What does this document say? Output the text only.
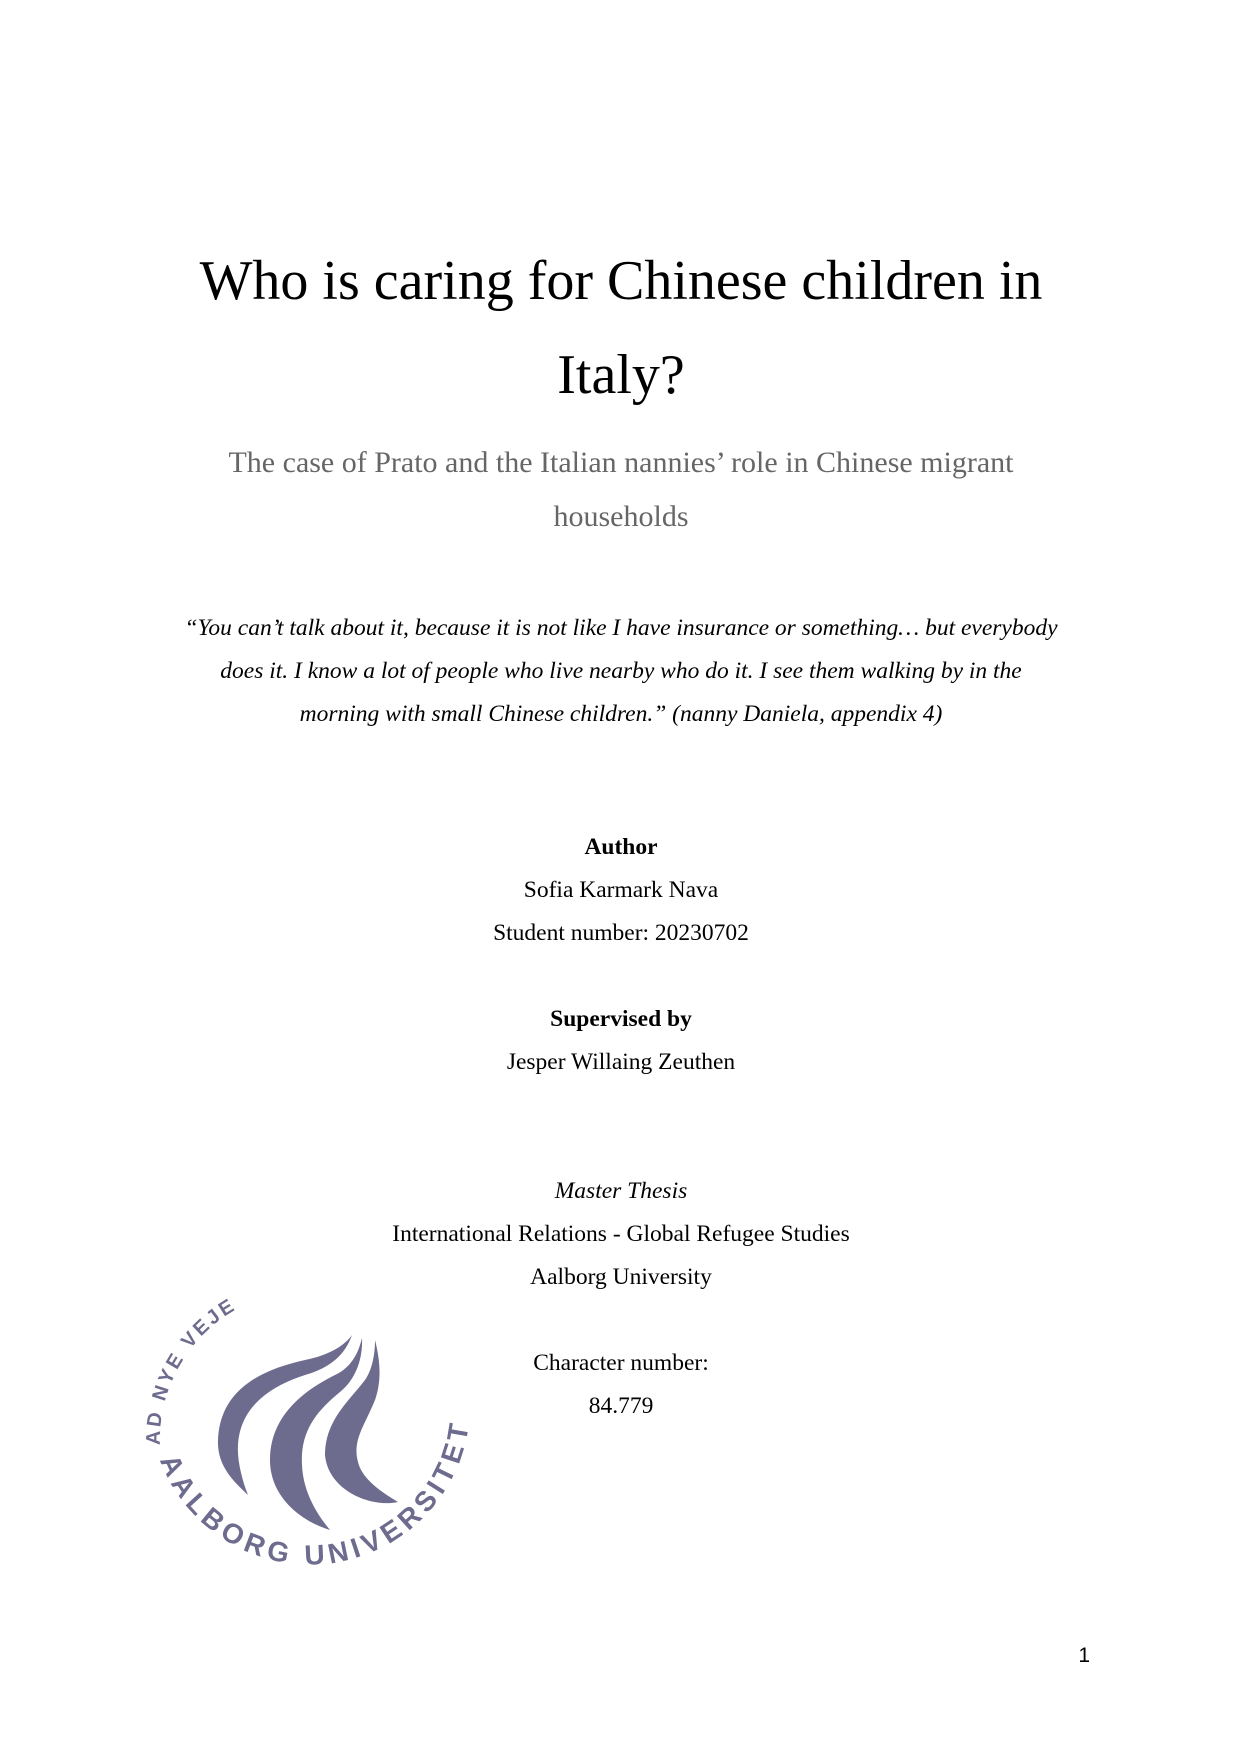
Who is caring for Chinese children in
Italy?
The case of Prato and the Italian nannies’ role in Chinese migrant
households
“You can’t talk about it, because it is not like I have insurance or something… but everybody
does it. I know a lot of people who live nearby who do it. I see them walking by in the
morning with small Chinese children.” (nanny Daniela, appendix 4)
Author
Sofia Karmark Nava
Student number: 20230702
Supervised by
Jesper Willaing Zeuthen
Master Thesis
International Relations - Global Refugee Studies
Aalborg University
Character number:
84.779
AD NYE VEJE
AALBORG UNIVERSITET
1
